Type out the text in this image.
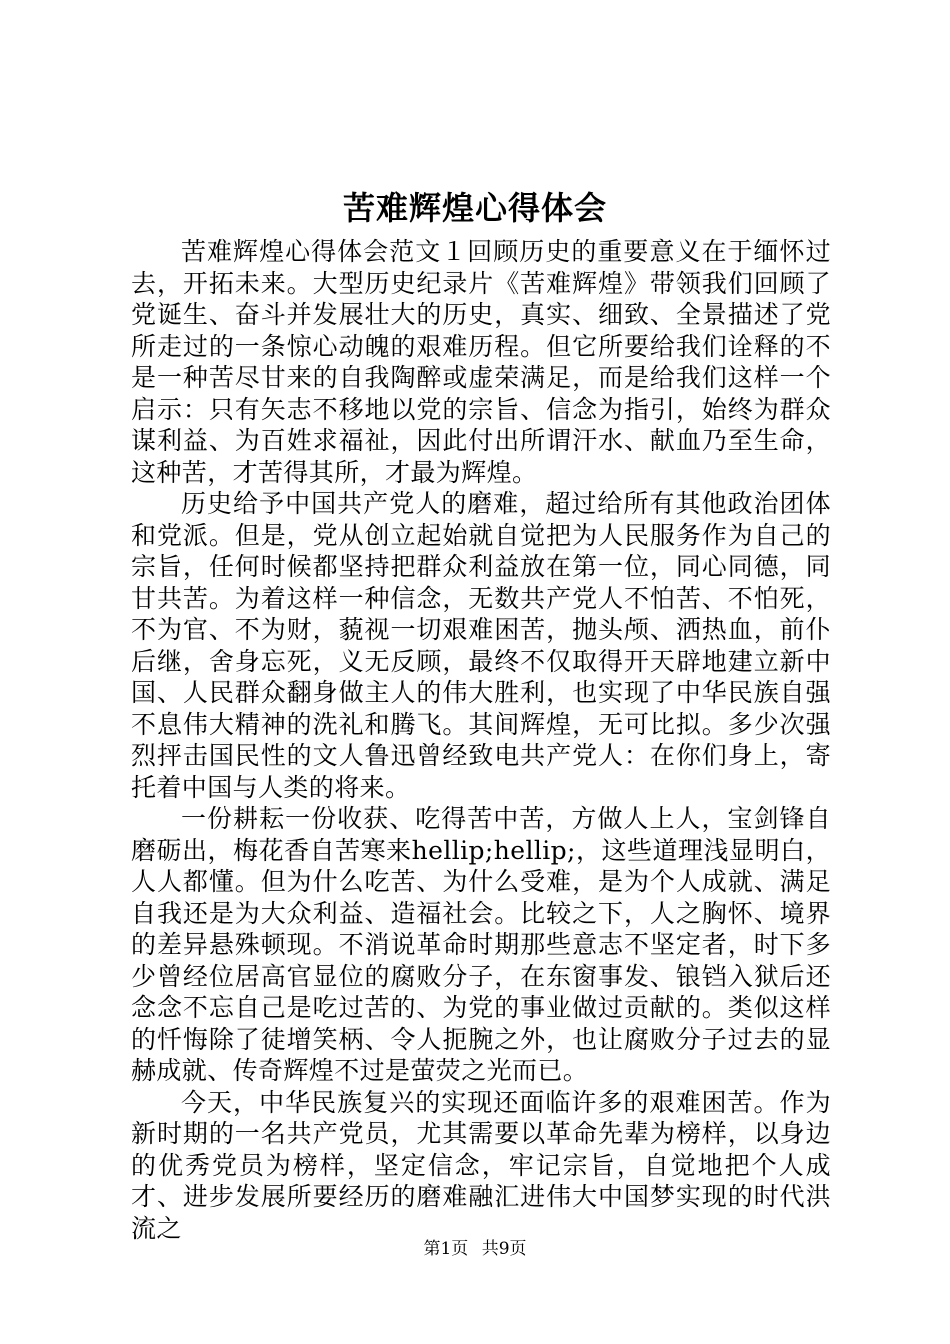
苦难辉煌心得体会

苦难辉煌心得体会范文１回顾历史的重要意义在于缅怀过去，开拓未来。大型历史纪录片《苦难辉煌》带领我们回顾了党诞生、奋斗并发展壮大的历史，真实、细致、全景描述了党所走过的一条惊心动魄的艰难历程。但它所要给我们诠释的不是一种苦尽甘来的自我陶醉或虚荣满足，而是给我们这样一个启示：只有矢志不移地以党的宗旨、信念为指引，始终为群众谋利益、为百姓求福祉，因此付出所谓汗水、献血乃至生命，这种苦，才苦得其所，才最为辉煌。

历史给予中国共产党人的磨难，超过给所有其他政治团体和党派。但是，党从创立起始就自觉把为人民服务作为自己的宗旨，任何时候都坚持把群众利益放在第一位，同心同德，同甘共苦。为着这样一种信念，无数共产党人不怕苦、不怕死，不为官、不为财，藐视一切艰难困苦，抛头颅、洒热血，前仆后继，舍身忘死，义无反顾，最终不仅取得开天辟地建立新中国、人民群众翻身做主人的伟大胜利，也实现了中华民族自强不息伟大精神的洗礼和腾飞。其间辉煌，无可比拟。多少次强烈抨击国民性的文人鲁迅曾经致电共产党人：在你们身上，寄托着中国与人类的将来。

一份耕耘一份收获、吃得苦中苦，方做人上人，宝剑锋自磨砺出，梅花香自苦寒来hellip;hellip;，这些道理浅显明白，人人都懂。但为什么吃苦、为什么受难，是为个人成就、满足自我还是为大众利益、造福社会。比较之下，人之胸怀、境界的差异悬殊顿现。不消说革命时期那些意志不坚定者，时下多少曾经位居高官显位的腐败分子，在东窗事发、锒铛入狱后还念念不忘自己是吃过苦的、为党的事业做过贡献的。类似这样的忏悔除了徒增笑柄、令人扼腕之外，也让腐败分子过去的显赫成就、传奇辉煌不过是萤荧之光而已。

今天，中华民族复兴的实现还面临许多的艰难困苦。作为新时期的一名共产党员，尤其需要以革命先辈为榜样，以身边的优秀党员为榜样，坚定信念，牢记宗旨，自觉地把个人成才、进步发展所要经历的磨难融汇进伟大中国梦实现的时代洪流之

第1页 共9页
